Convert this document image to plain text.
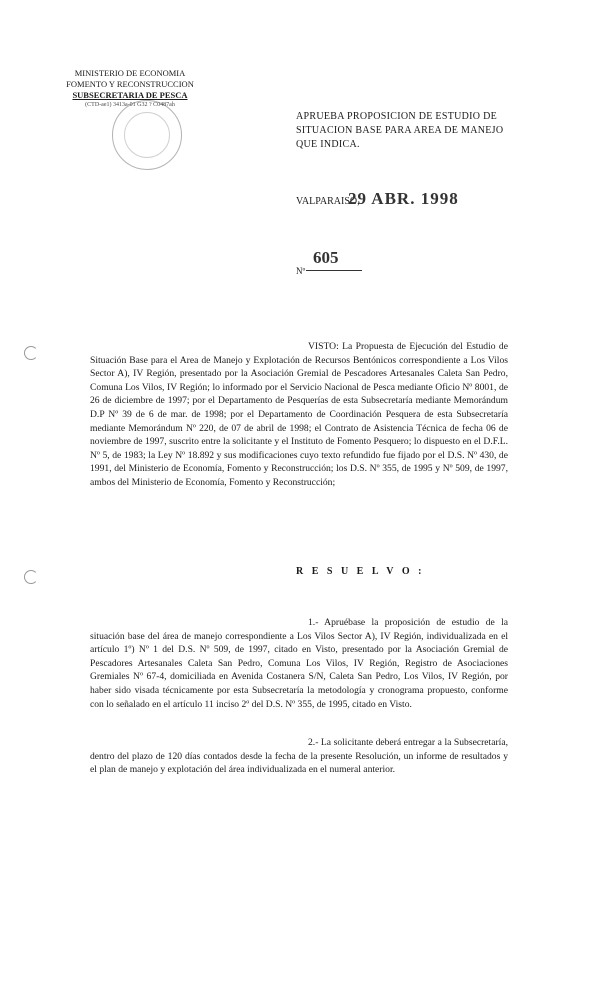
MINISTERIO DE ECONOMIA
FOMENTO Y RECONSTRUCCION
SUBSECRETARIA DE PESCA
(CTD-ae1) 3413a-01 G32 ? C0487ah
APRUEBA PROPOSICION DE ESTUDIO DE SITUACION BASE PARA AREA DE MANEJO QUE INDICA.
VALPARAISO,
29 ABR. 1998
Nº
605
VISTO: La Propuesta de Ejecución del Estudio de Situación Base para el Area de Manejo y Explotación de Recursos Bentónicos correspondiente a Los Vilos Sector A), IV Región, presentado por la Asociación Gremial de Pescadores Artesanales Caleta San Pedro, Comuna Los Vilos, IV Región; lo informado por el Servicio Nacional de Pesca mediante Oficio Nº 8001, de 26 de diciembre de 1997; por el Departamento de Pesquerías de esta Subsecretaría mediante Memorándum D.P Nº 39 de 6 de mar. de 1998; por el Departamento de Coordinación Pesquera de esta Subsecretaría mediante Memorándum Nº 220, de 07 de abril de 1998; el Contrato de Asistencia Técnica de fecha 06 de noviembre de 1997, suscrito entre la solicitante y el Instituto de Fomento Pesquero; lo dispuesto en el D.F.L. Nº 5, de 1983; la Ley Nº 18.892 y sus modificaciones cuyo texto refundido fue fijado por el D.S. Nº 430, de 1991, del Ministerio de Economía, Fomento y Reconstrucción; los D.S. Nº 355, de 1995 y Nº 509, de 1997, ambos del Ministerio de Economía, Fomento y Reconstrucción;
R E S U E L V O :
1.- Apruébase la proposición de estudio de la situación base del área de manejo correspondiente a Los Vilos Sector A), IV Región, individualizada en el artículo 1º) Nº 1 del D.S. Nº 509, de 1997, citado en Visto, presentado por la Asociación Gremial de Pescadores Artesanales Caleta San Pedro, Comuna Los Vilos, IV Región, Registro de Asociaciones Gremiales Nº 67-4, domiciliada en Avenida Costanera S/N, Caleta San Pedro, Los Vilos, IV Región, por haber sido visada técnicamente por esta Subsecretaría la metodología y cronograma propuesto, conforme con lo señalado en el artículo 11 inciso 2º del D.S. Nº 355, de 1995, citado en Visto.
2.- La solicitante deberá entregar a la Subsecretaría, dentro del plazo de 120 días contados desde la fecha de la presente Resolución, un informe de resultados y el plan de manejo y explotación del área individualizada en el numeral anterior.
